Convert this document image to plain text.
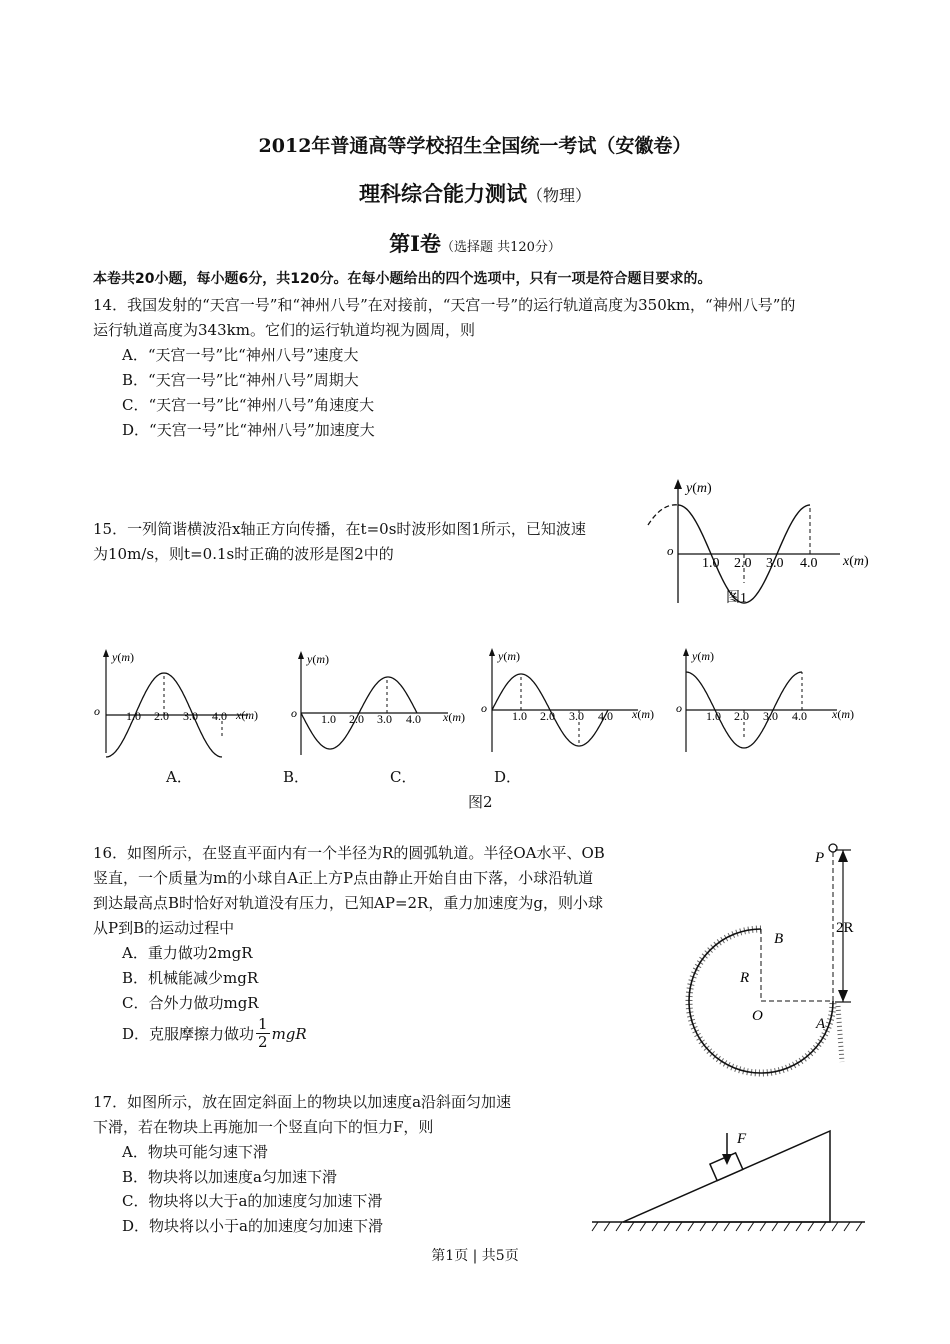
2012年普通高等学校招生全国统一考试（安徽卷）
理科综合能力测试（物理）
第Ⅰ卷（选择题 共120分）
本卷共20小题，每小题6分，共120分。在每小题给出的四个选项中，只有一项是符合题目要求的。
14．我国发射的“天宫一号”和“神州八号”在对接前，“天宫一号”的运行轨道高度为350km，“神州八号”的
运行轨道高度为343km。它们的运行轨道均视为圆周，则
A．“天宫一号”比“神州八号”速度大
B．“天宫一号”比“神州八号”周期大
C．“天宫一号”比“神州八号”角速度大
D．“天宫一号”比“神州八号”加速度大
15．一列简谐横波沿x轴正方向传播，在t=0s时波形如图1所示，已知波速
为10m/s，则t=0.1s时正确的波形是图2中的
y(m)
x(m)
o
1.0 2.0 3.0 4.0
图1
y(m)
x(m)
o 1.0 2.0 3.0 4.0
y(m)
x(m)
o 1.0 2.0 3.0 4.0
y(m)
x(m)
o
1.0 2.0 3.0 4.0
y(m)
x(m)
o
1.0 2.0 3.0 4.0
A．	B．	C．	D．
图2
16．如图所示，在竖直平面内有一个半径为R的圆弧轨道。半径OA水平、OB
竖直，一个质量为m的小球自A正上方P点由静止开始自由下落，小球沿轨道
到达最高点B时恰好对轨道没有压力，已知AP=2R，重力加速度为g，则小球
从P到B的运动过程中
A．重力做功2mgR
B．机械能减少mgR
C．合外力做功mgR
D．克服摩擦力做功 $\frac{1}{2}$ mgR
P
B
R
O	A
2R
17．如图所示，放在固定斜面上的物块以加速度a沿斜面匀加速
下滑，若在物块上再施加一个竖直向下的恒力F，则
A．物块可能匀速下滑
B．物块将以加速度a匀加速下滑
C．物块将以大于a的加速度匀加速下滑
D．物块将以小于a的加速度匀加速下滑
F
第1页 | 共5页
